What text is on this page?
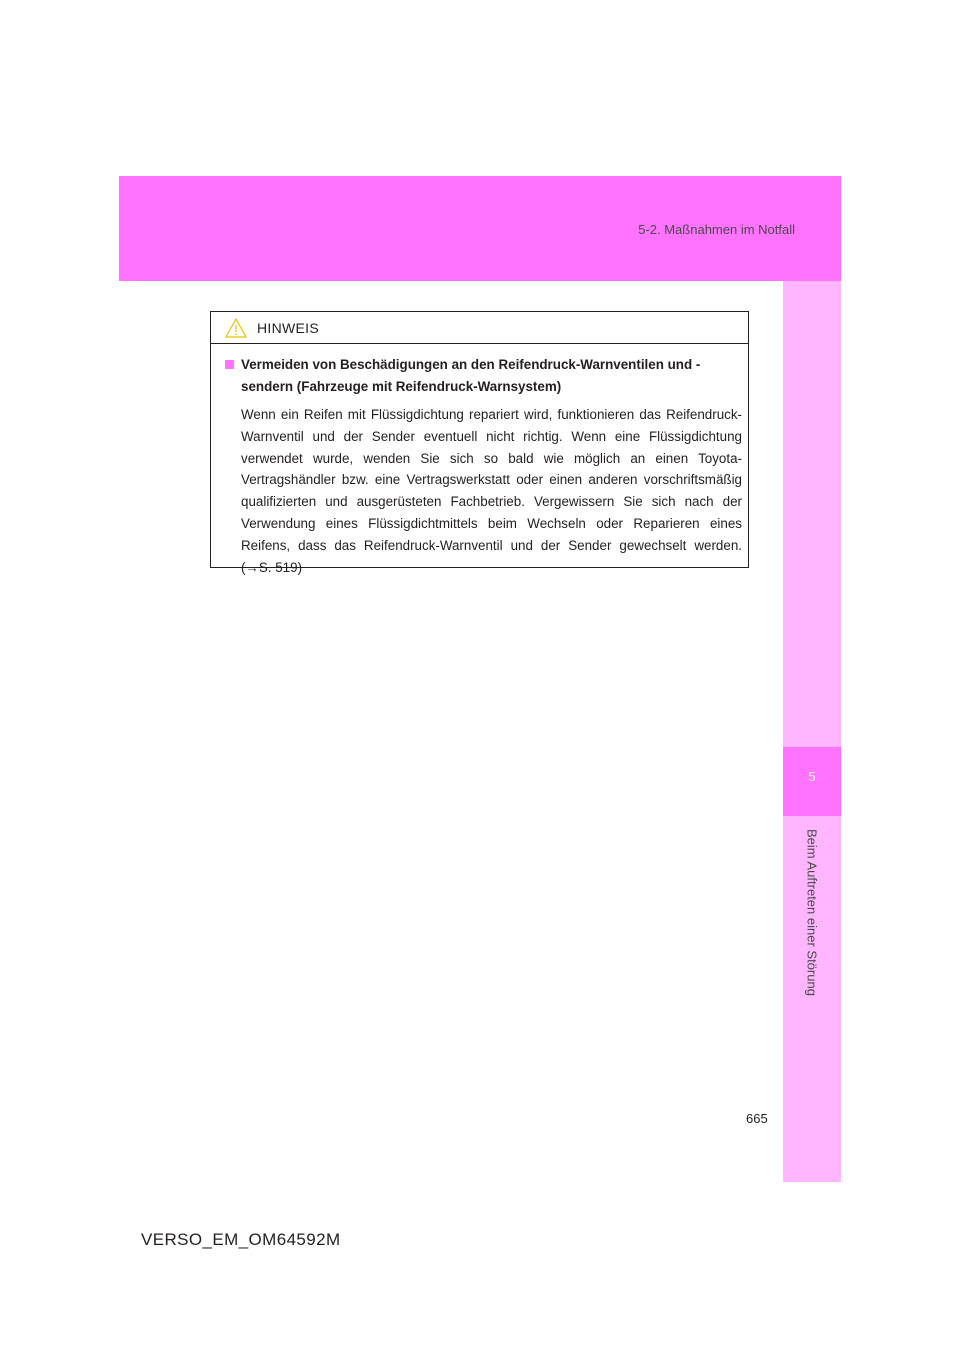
5-2. Maßnahmen im Notfall
5
Beim Auftreten einer Störung
HINWEIS
Vermeiden von Beschädigungen an den Reifendruck-Warnventilen und -sendern (Fahrzeuge mit Reifendruck-Warnsystem)

Wenn ein Reifen mit Flüssigdichtung repariert wird, funktionieren das Reifendruck-Warnventil und der Sender eventuell nicht richtig. Wenn eine Flüssigdichtung verwendet wurde, wenden Sie sich so bald wie möglich an einen Toyota-Vertragshändler bzw. eine Vertragswerkstatt oder einen anderen vorschriftsmäßig qualifizierten und ausgerüsteten Fachbetrieb. Vergewissern Sie sich nach der Verwendung eines Flüssigdichtmittels beim Wechseln oder Reparieren eines Reifens, dass das Reifendruck-Warnventil und der Sender gewechselt werden. (→S. 519)

665
VERSO_EM_OM64592M
